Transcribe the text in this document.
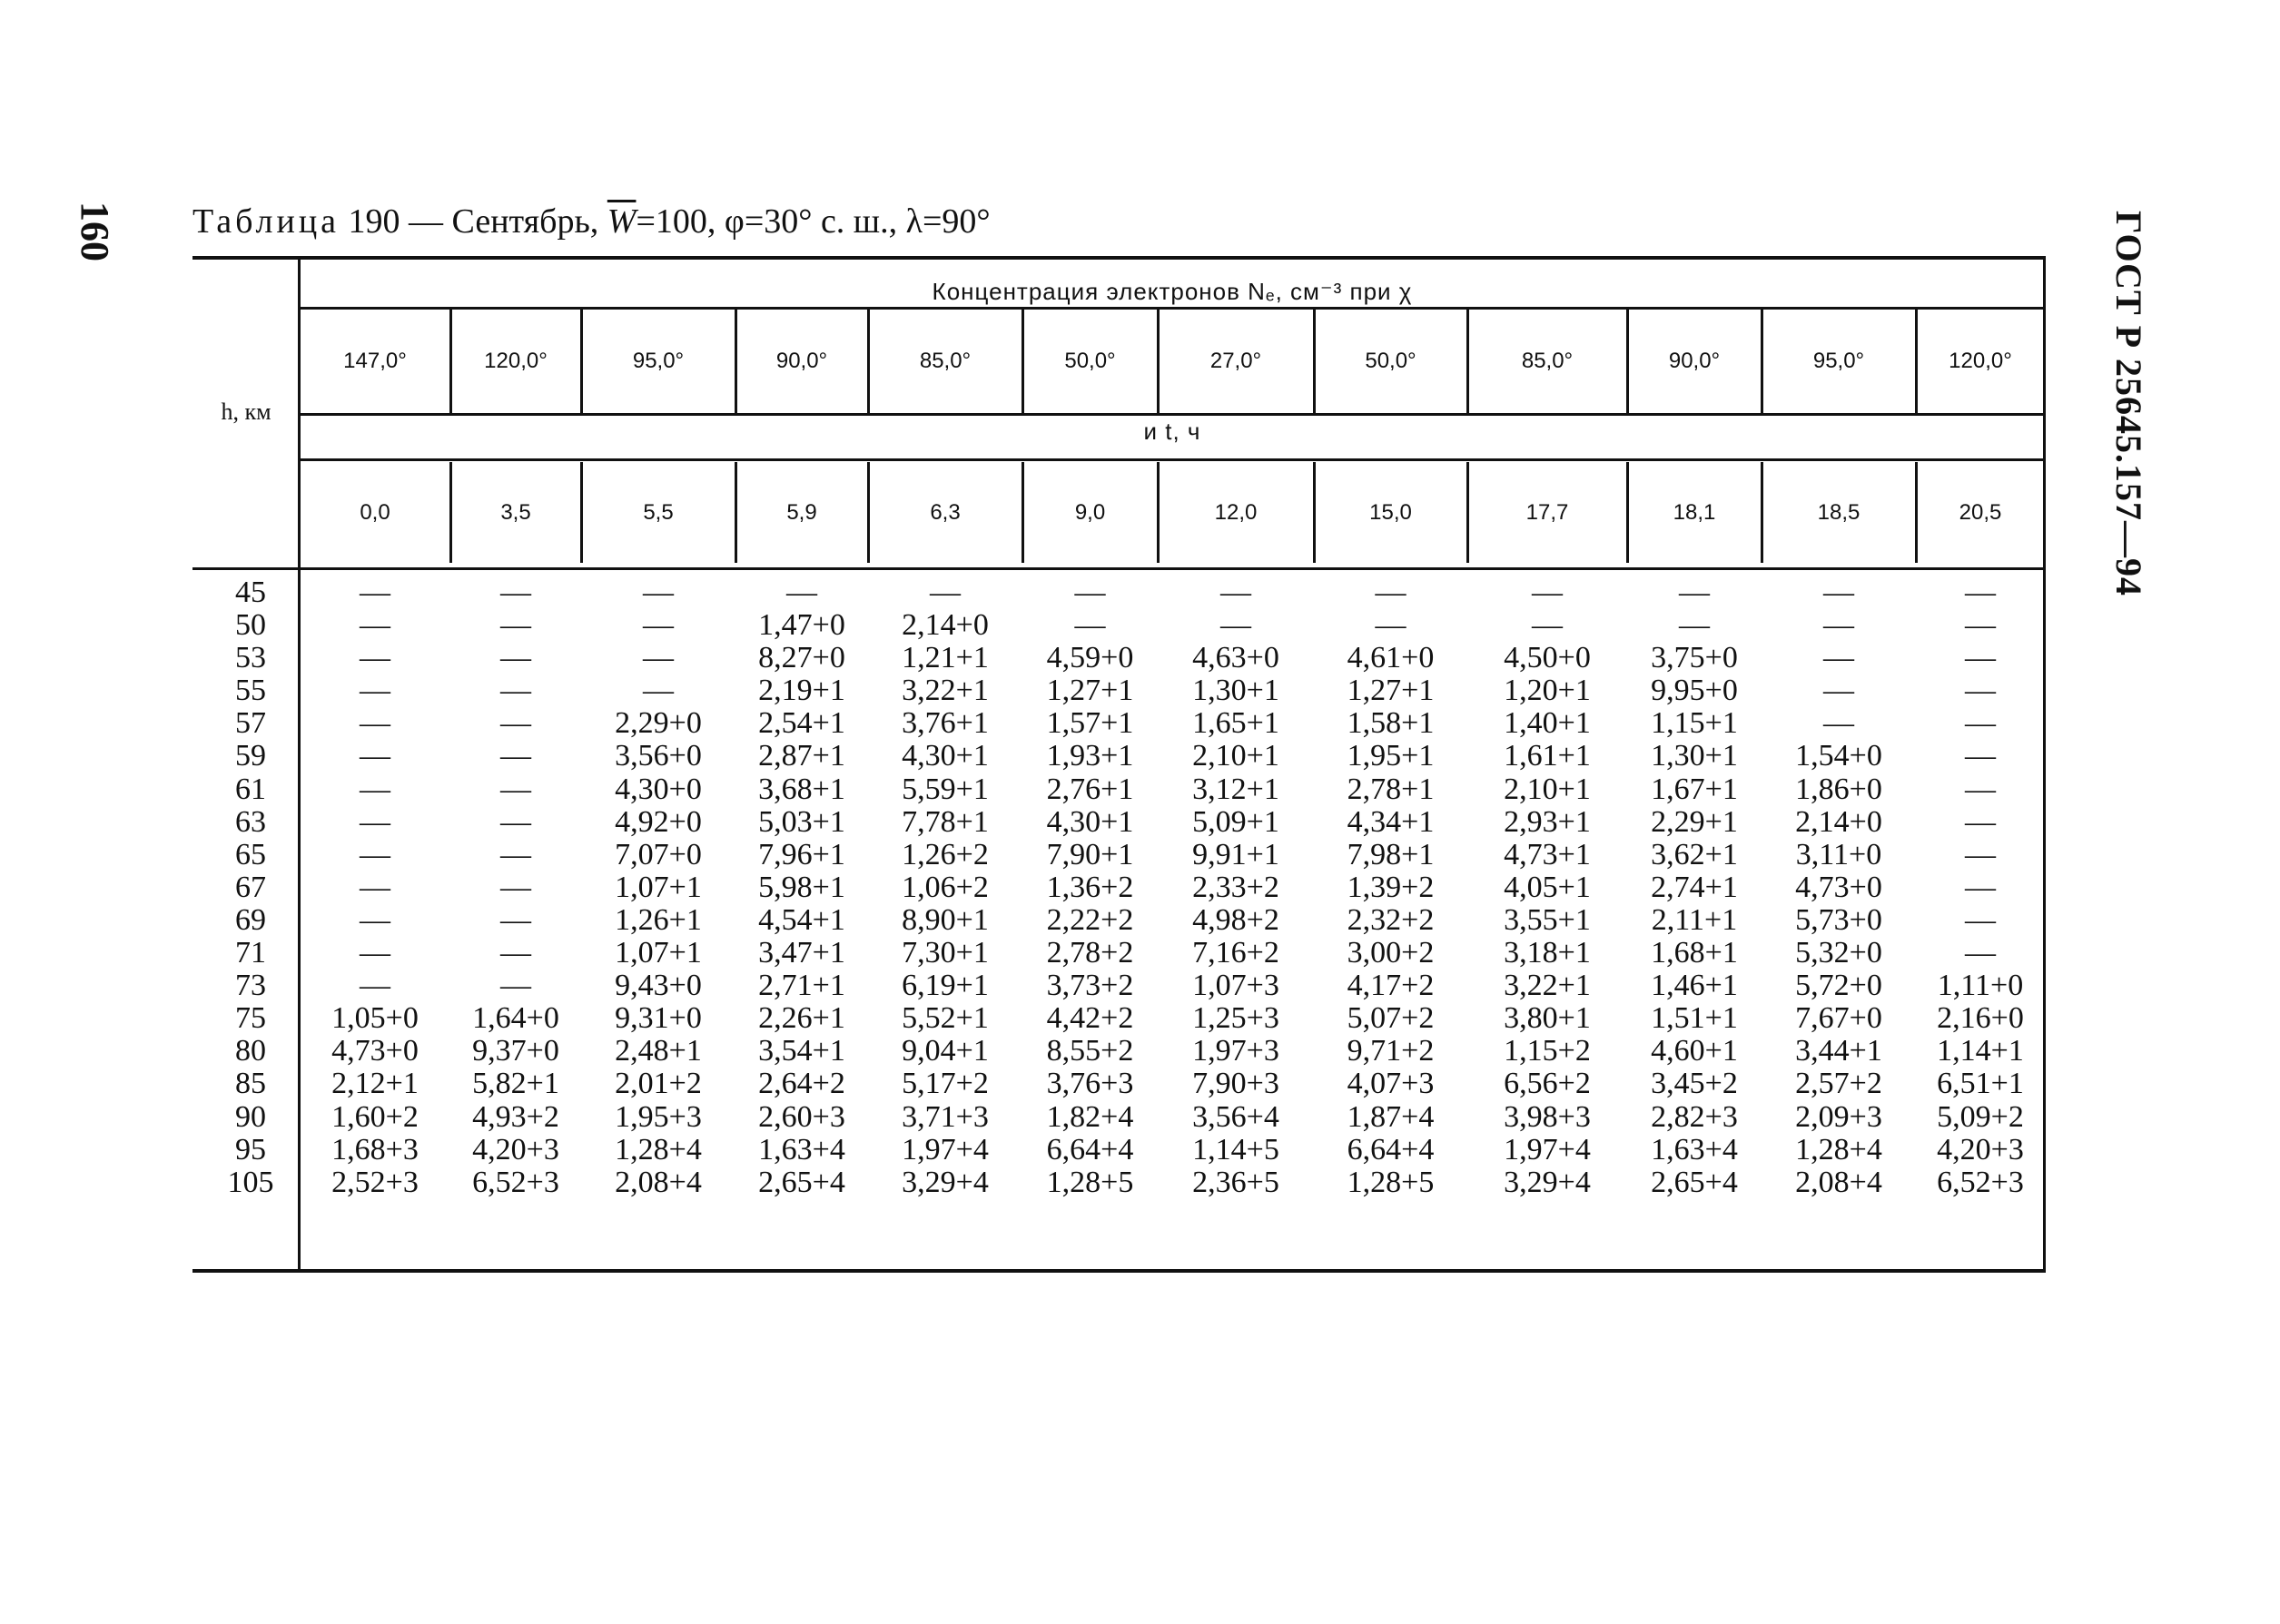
160	ГОСТ Р 25645.157—94
Таблица 190 — Сентябрь, $\overline{W}=100$, φ=30° с. ш., λ=90°
h, км
Концентрация электронов Nₑ, см⁻³ при χ
и t, ч
147,0°
0,0
120,0°
3,5
95,0°
5,5
90,0°
5,9
85,0°
6,3
50,0°
9,0
27,0°
12,0
50,0°
15,0
85,0°
17,7
90,0°
18,1
95,0°
18,5
120,0°
20,5
45
50
53
55
57
59
61
63
65
67
69
71
73
75
80
85
90
95
105
—
—
—
—
—
—
—
—
—
—
—
—
—
1,05+0
4,73+0
2,12+1
1,60+2
1,68+3
2,52+3
—
—
—
—
—
—
—
—
—
—
—
—
—
1,64+0
9,37+0
5,82+1
4,93+2
4,20+3
6,52+3
—
—
—
—
2,29+0
3,56+0
4,30+0
4,92+0
7,07+0
1,07+1
1,26+1
1,07+1
9,43+0
9,31+0
2,48+1
2,01+2
1,95+3
1,28+4
2,08+4
—
1,47+0
8,27+0
2,19+1
2,54+1
2,87+1
3,68+1
5,03+1
7,96+1
5,98+1
4,54+1
3,47+1
2,71+1
2,26+1
3,54+1
2,64+2
2,60+3
1,63+4
2,65+4
—
2,14+0
1,21+1
3,22+1
3,76+1
4,30+1
5,59+1
7,78+1
1,26+2
1,06+2
8,90+1
7,30+1
6,19+1
5,52+1
9,04+1
5,17+2
3,71+3
1,97+4
3,29+4
—
—
4,59+0
1,27+1
1,57+1
1,93+1
2,76+1
4,30+1
7,90+1
1,36+2
2,22+2
2,78+2
3,73+2
4,42+2
8,55+2
3,76+3
1,82+4
6,64+4
1,28+5
—
—
4,63+0
1,30+1
1,65+1
2,10+1
3,12+1
5,09+1
9,91+1
2,33+2
4,98+2
7,16+2
1,07+3
1,25+3
1,97+3
7,90+3
3,56+4
1,14+5
2,36+5
—
—
4,61+0
1,27+1
1,58+1
1,95+1
2,78+1
4,34+1
7,98+1
1,39+2
2,32+2
3,00+2
4,17+2
5,07+2
9,71+2
4,07+3
1,87+4
6,64+4
1,28+5
—
—
4,50+0
1,20+1
1,40+1
1,61+1
2,10+1
2,93+1
4,73+1
4,05+1
3,55+1
3,18+1
3,22+1
3,80+1
1,15+2
6,56+2
3,98+3
1,97+4
3,29+4
—
—
3,75+0
9,95+0
1,15+1
1,30+1
1,67+1
2,29+1
3,62+1
2,74+1
2,11+1
1,68+1
1,46+1
1,51+1
4,60+1
3,45+2
2,82+3
1,63+4
2,65+4
—
—
—
—
—
1,54+0
1,86+0
2,14+0
3,11+0
4,73+0
5,73+0
5,32+0
5,72+0
7,67+0
3,44+1
2,57+2
2,09+3
1,28+4
2,08+4
—
—
—
—
—
—
—
—
—
—
—
—
1,11+0
2,16+0
1,14+1
6,51+1
5,09+2
4,20+3
6,52+3
